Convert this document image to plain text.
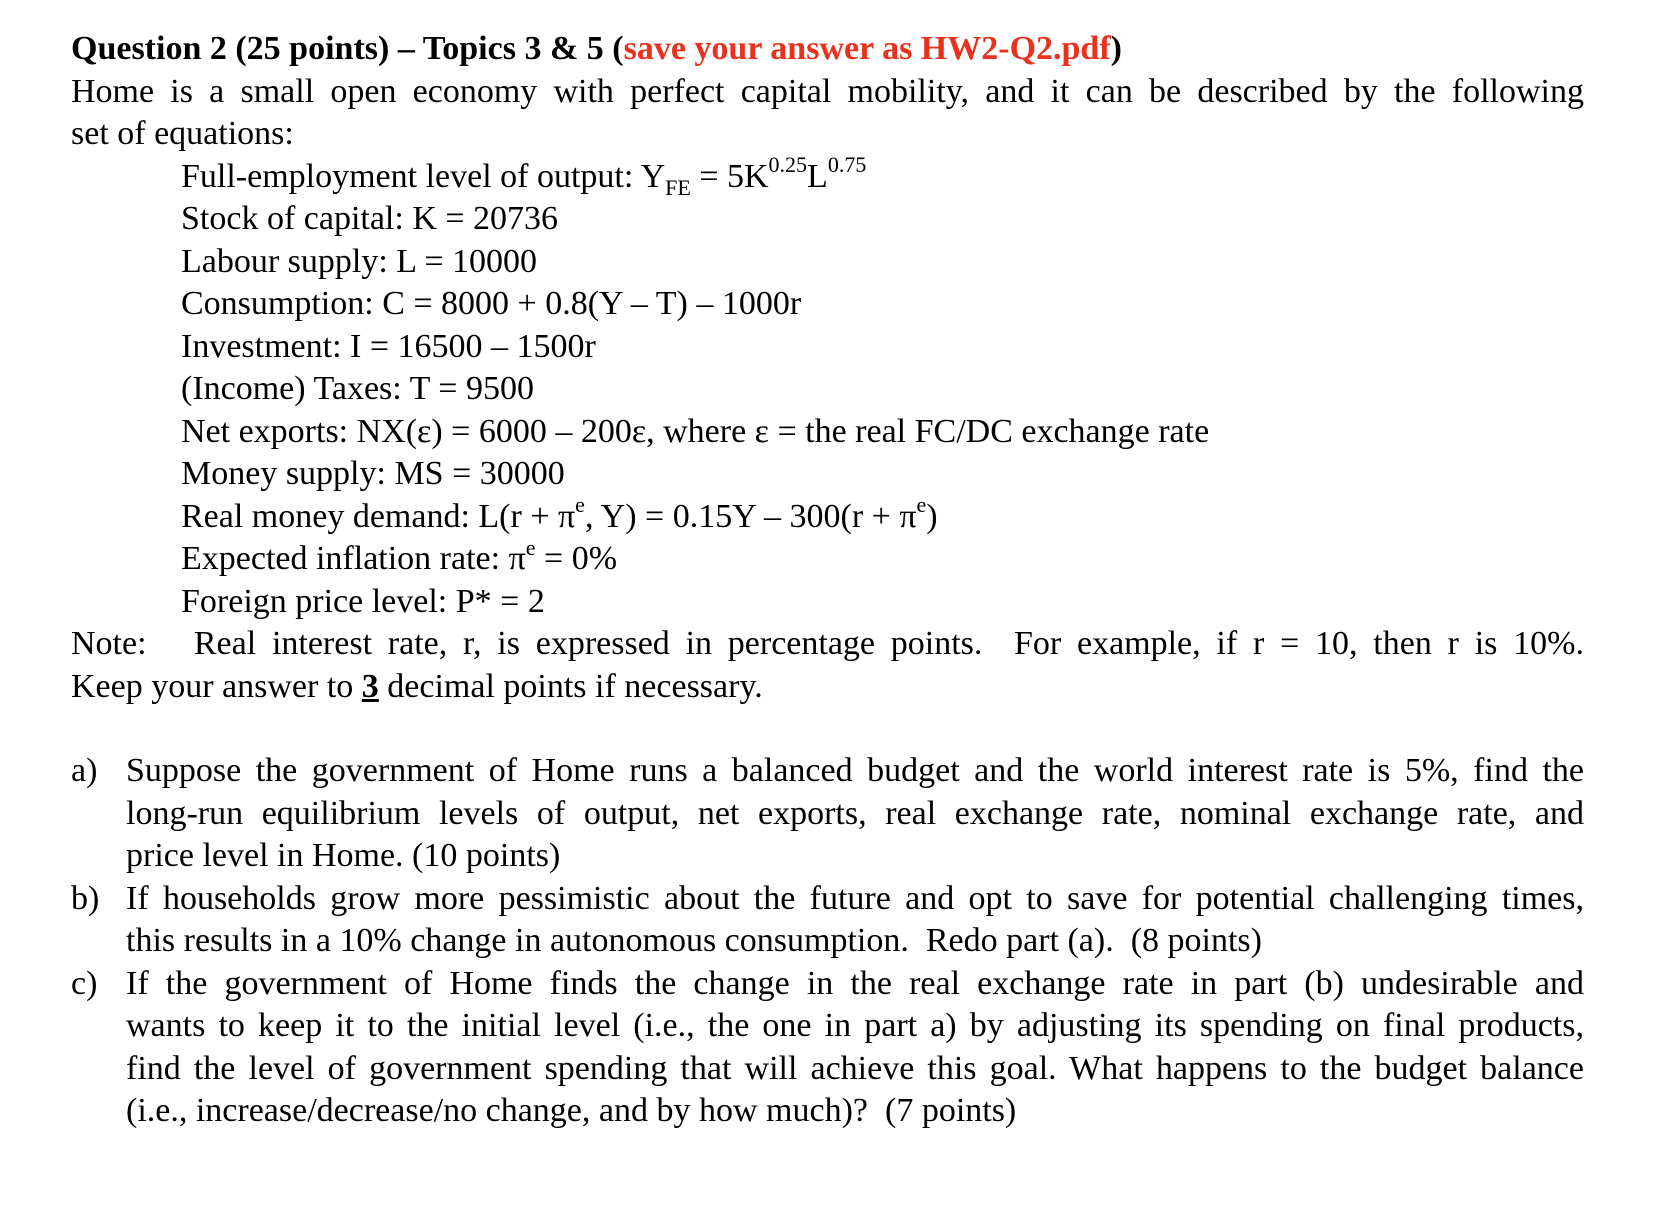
Question 2 (25 points) – Topics 3 & 5 (save your answer as HW2-Q2.pdf)

Home is a small open economy with perfect capital mobility, and it can be described by the following

set of equations:

Full-employment level of output: $Y_{FE} = 5K^{0.25}L^{0.75}$
Stock of capital: K = 20736
Labour supply: L = 10000
Consumption: C = 8000 + 0.8(Y – T) – 1000r
Investment: I = 16500 – 1500r
(Income) Taxes: T = 9500
Net exports: NX(ε) = 6000 – 200ε, where ε = the real FC/DC exchange rate
Money supply: MS = 30000
Real money demand: $L(r + \pi^e$, $Y) = 0.15Y - 300(r + \pi^e)$
Expected inflation rate: $\pi^e = 0\%$
Foreign price level: P* = 2

Note:   Real interest rate, r, is expressed in percentage points.  For example, if r = 10, then r is 10%.

Keep your answer to 3 decimal points if necessary.

a) Suppose the government of Home runs a balanced budget and the world interest rate is 5%, find the
long-run equilibrium levels of output, net exports, real exchange rate, nominal exchange rate, and
price level in Home. (10 points)
b) If households grow more pessimistic about the future and opt to save for potential challenging times,
this results in a 10% change in autonomous consumption.  Redo part (a).  (8 points)
c) If the government of Home finds the change in the real exchange rate in part (b) undesirable and
wants to keep it to the initial level (i.e., the one in part a) by adjusting its spending on final products,
find the level of government spending that will achieve this goal. What happens to the budget balance
(i.e., increase/decrease/no change, and by how much)?  (7 points)
